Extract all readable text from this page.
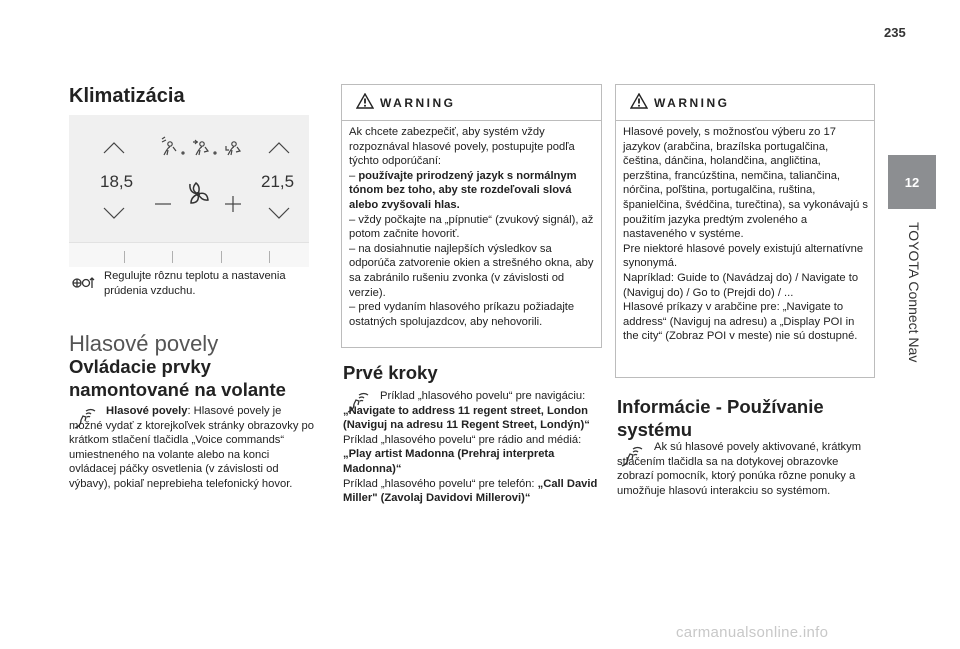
235
12
TOYOTA Connect Nav
Klimatizácia
18,5	21,5
Regulujte rôznu teplotu a nastavenia prúdenia vzduchu.
Hlasové povely
Ovládacie prvky namontované na volante
Hlasové povely: Hlasové povely je možné vydať z ktorejkoľvek stránky obrazovky po krátkom stlačení tlačidla „Voice commands“ umiestneného na volante alebo na konci ovládacej páčky osvetlenia (v závislosti od výbavy), pokiaľ neprebieha telefonický hovor.
WARNING
Ak chcete zabezpečiť, aby systém vždy rozpoznával hlasové povely, postupujte podľa týchto odporúčaní:
– používajte prirodzený jazyk s normálnym tónom bez toho, aby ste rozdeľovali slová alebo zvyšovali hlas.
– vždy počkajte na „pípnutie“ (zvukový signál), až potom začnite hovoriť.
– na dosiahnutie najlepších výsledkov sa odporúča zatvorenie okien a strešného okna, aby sa zabránilo rušeniu zvonka (v závislosti od verzie).
– pred vydaním hlasového príkazu požiadajte ostatných spolujazdcov, aby nehovorili.
Prvé kroky
Príklad „hlasového povelu“ pre navigáciu: „Navigate to address 11 regent street, London (Naviguj na adresu 11 Regent Street, Londýn)“
Príklad „hlasového povelu“ pre rádio and médiá: „Play artist Madonna (Prehraj interpreta Madonna)“
Príklad „hlasového povelu“ pre telefón: „Call David Miller" (Zavolaj Davidovi Millerovi)“
WARNING
Hlasové povely, s možnosťou výberu zo 17 jazykov (arabčina, brazílska portugalčina, čeština, dánčina, holandčina, angličtina, perzština, francúzština, nemčina, taliančina, nórčina, poľština, portugalčina, ruština, španielčina, švédčina, turečtina), sa vykonávajú s použitím jazyka predtým zvoleného a nastaveného v systéme.
Pre niektoré hlasové povely existujú alternatívne synonymá.
Napríklad: Guide to (Navádzaj do) / Navigate to (Naviguj do) / Go to (Prejdi do) / ...
Hlasové príkazy v arabčine pre: „Navigate to address“ (Naviguj na adresu) a „Display POI in the city“ (Zobraz POI v meste) nie sú dostupné.
Informácie - Používanie systému
Ak sú hlasové povely aktivované, krátkym stlačením tlačidla sa na dotykovej obrazovke zobrazí pomocník, ktorý ponúka rôzne ponuky a umožňuje hlasovú interakciu so systémom.
carmanualsonline.info
